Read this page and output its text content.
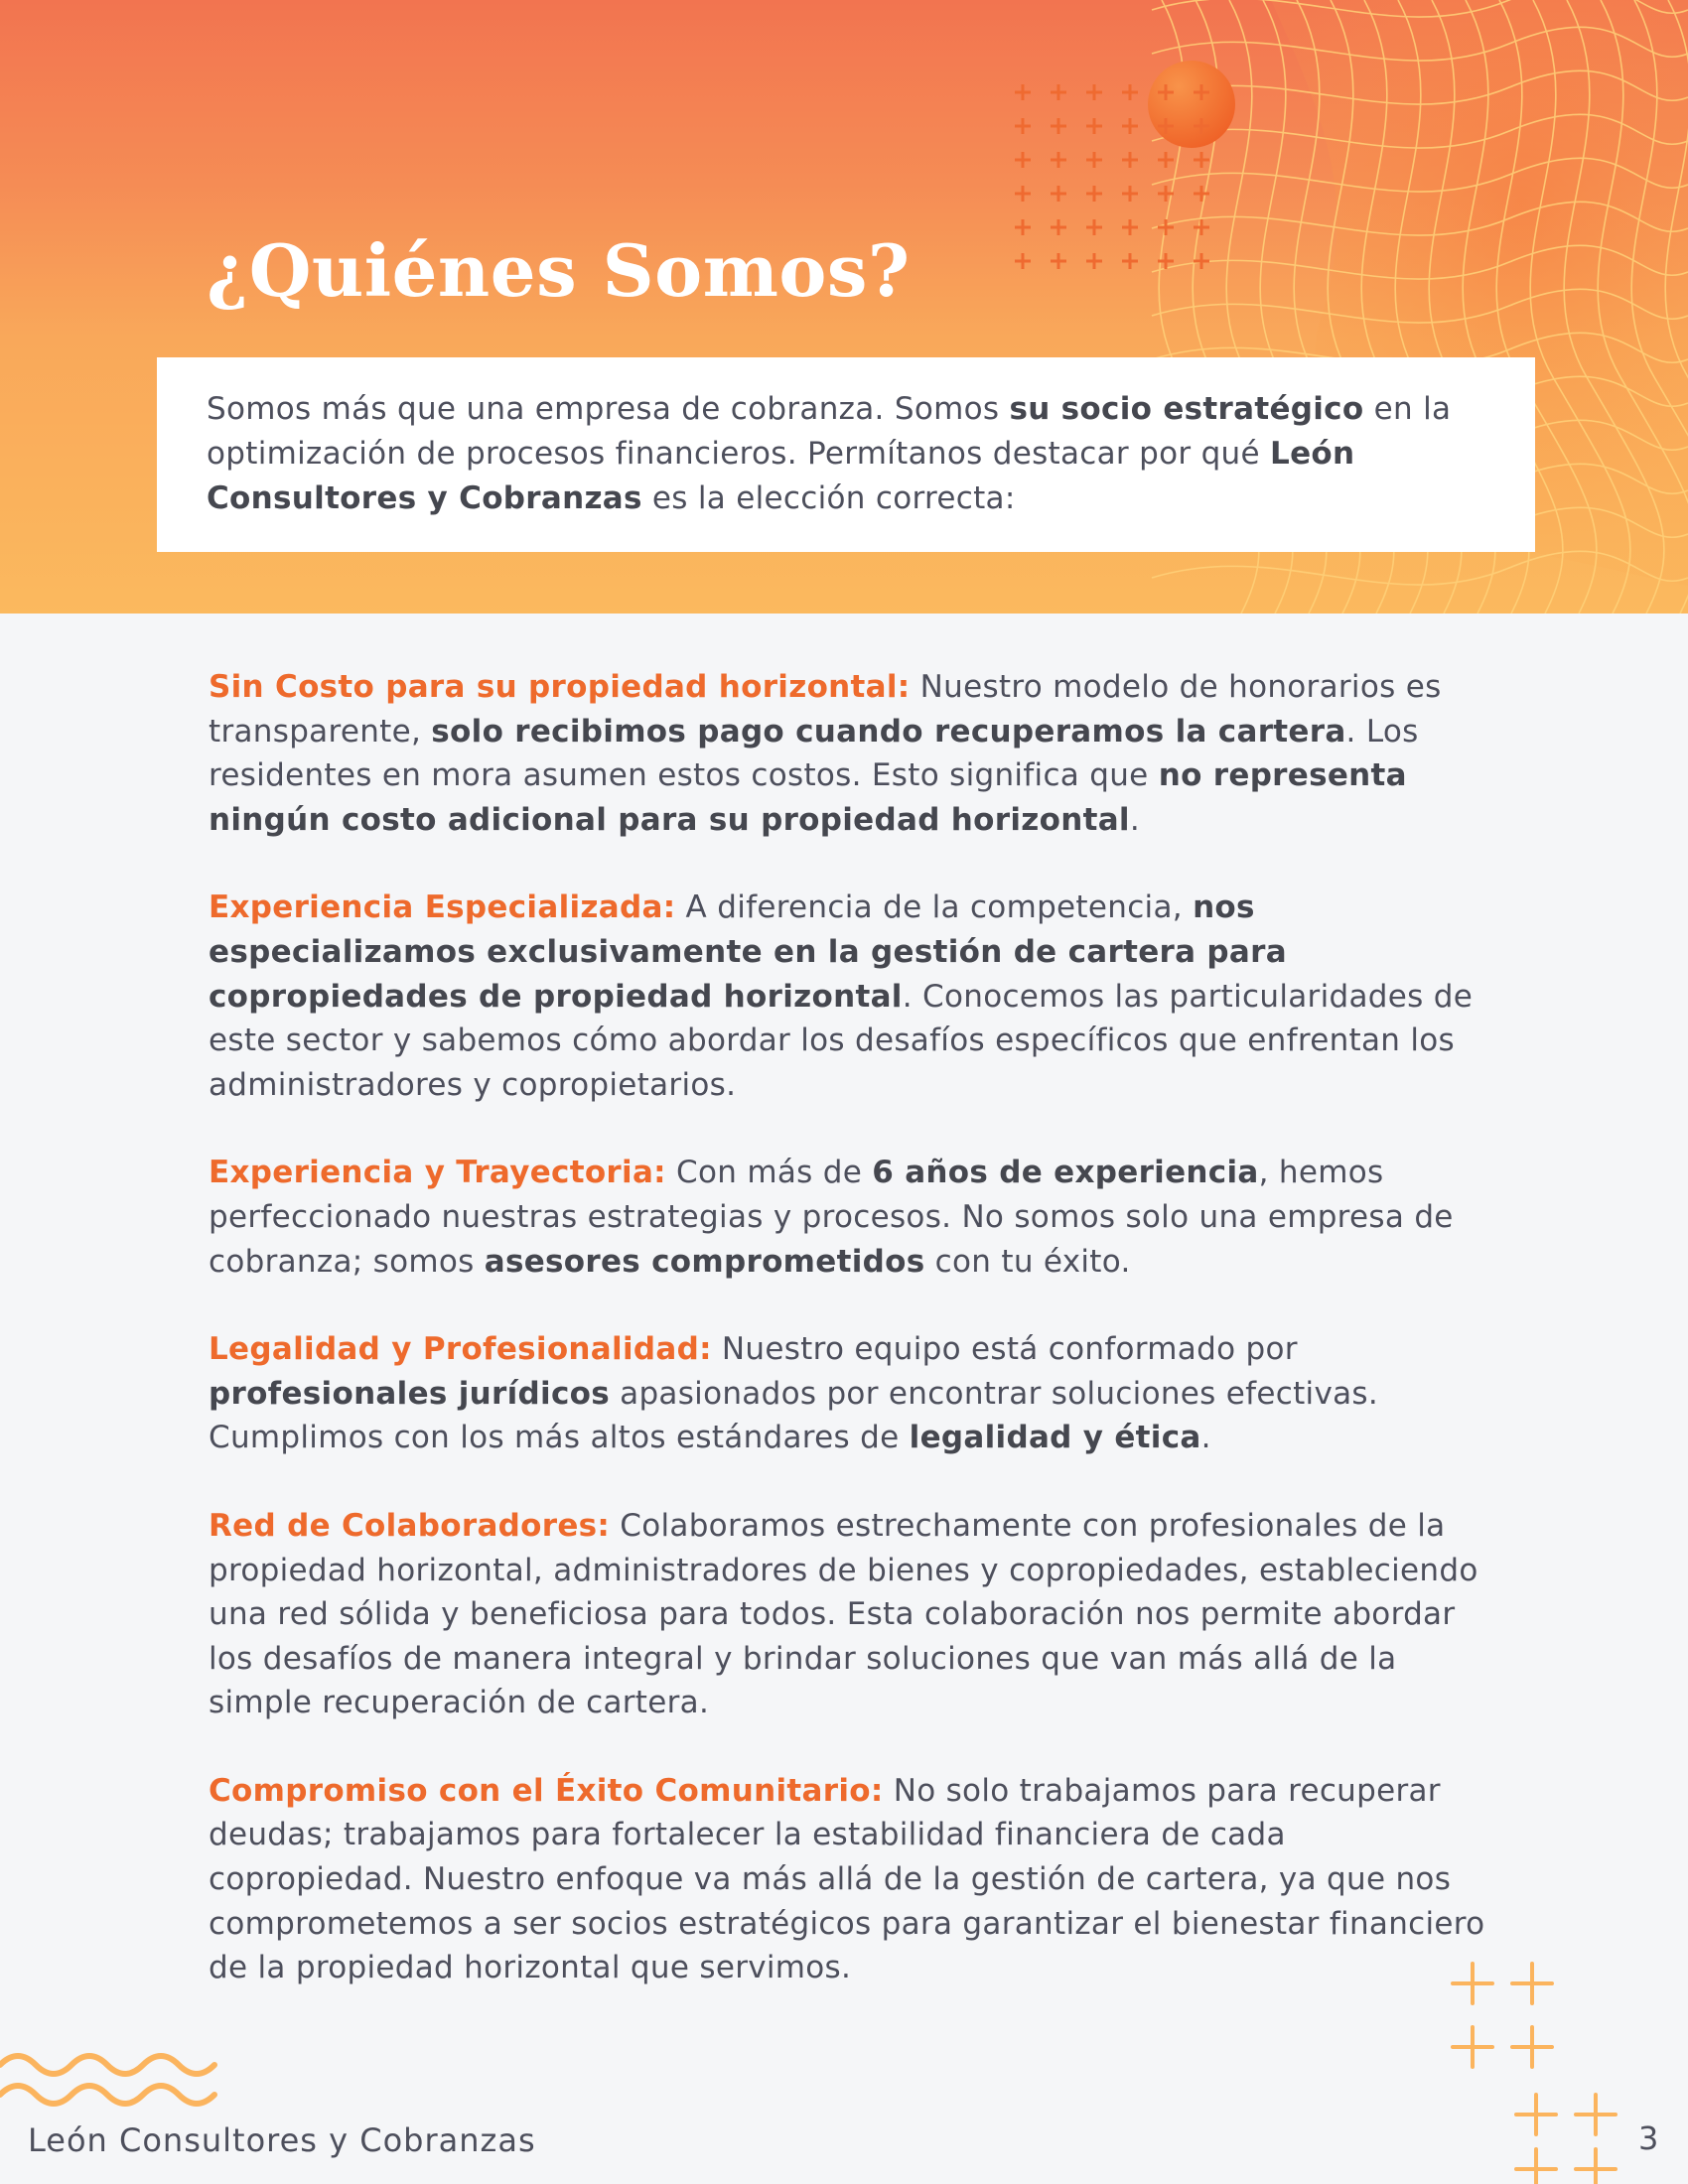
¿Quiénes Somos?

Somos más que una empresa de cobranza. Somos su socio estratégico en la optimización de procesos financieros. Permítanos destacar por qué León Consultores y Cobranzas es la elección correcta:

Sin Costo para su propiedad horizontal: Nuestro modelo de honorarios es transparente, solo recibimos pago cuando recuperamos la cartera. Los residentes en mora asumen estos costos. Esto significa que no representa ningún costo adicional para su propiedad horizontal.

Experiencia Especializada: A diferencia de la competencia, nos especializamos exclusivamente en la gestión de cartera para copropiedades de propiedad horizontal. Conocemos las particularidades de este sector y sabemos cómo abordar los desafíos específicos que enfrentan los administradores y copropietarios.

Experiencia y Trayectoria: Con más de 6 años de experiencia, hemos perfeccionado nuestras estrategias y procesos. No somos solo una empresa de cobranza; somos asesores comprometidos con tu éxito.

Legalidad y Profesionalidad: Nuestro equipo está conformado por profesionales jurídicos apasionados por encontrar soluciones efectivas. Cumplimos con los más altos estándares de legalidad y ética.

Red de Colaboradores: Colaboramos estrechamente con profesionales de la propiedad horizontal, administradores de bienes y copropiedades, estableciendo una red sólida y beneficiosa para todos. Esta colaboración nos permite abordar los desafíos de manera integral y brindar soluciones que van más allá de la simple recuperación de cartera.

Compromiso con el Éxito Comunitario: No solo trabajamos para recuperar deudas; trabajamos para fortalecer la estabilidad financiera de cada copropiedad. Nuestro enfoque va más allá de la gestión de cartera, ya que nos comprometemos a ser socios estratégicos para garantizar el bienestar financiero de la propiedad horizontal que servimos.

León Consultores y Cobranzas	3
